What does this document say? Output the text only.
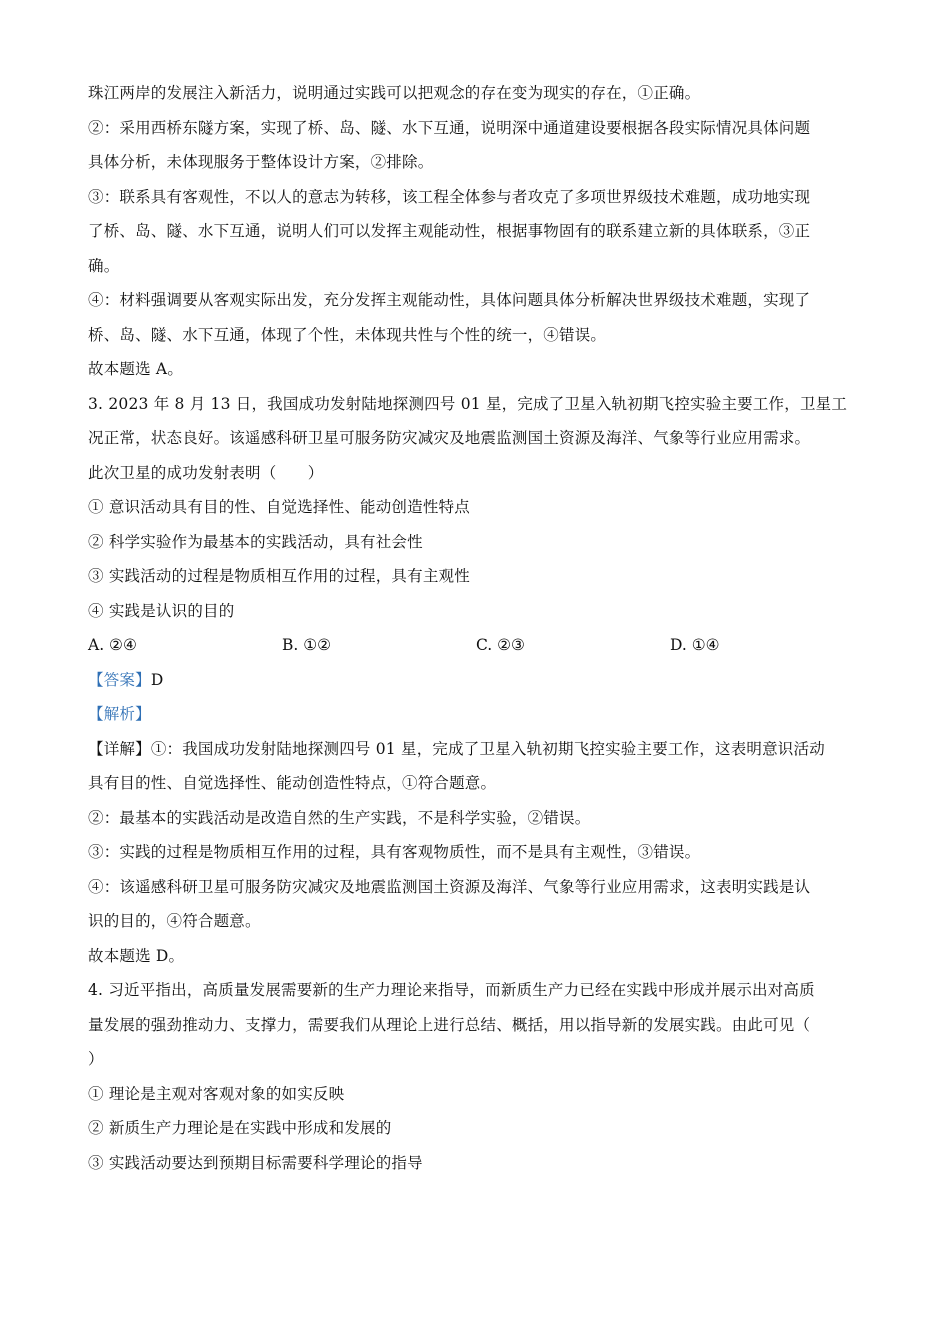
珠江两岸的发展注入新活力，说明通过实践可以把观念的存在变为现实的存在，①正确。
②：采用西桥东隧方案，实现了桥、岛、隧、水下互通，说明深中通道建设要根据各段实际情况具体问题
具体分析，未体现服务于整体设计方案，②排除。
③：联系具有客观性，不以人的意志为转移，该工程全体参与者攻克了多项世界级技术难题，成功地实现
了桥、岛、隧、水下互通，说明人们可以发挥主观能动性，根据事物固有的联系建立新的具体联系，③正
确。
④：材料强调要从客观实际出发，充分发挥主观能动性，具体问题具体分析解决世界级技术难题，实现了
桥、岛、隧、水下互通，体现了个性，未体现共性与个性的统一，④错误。
故本题选 A。
3. 2023 年 8 月 13 日，我国成功发射陆地探测四号 01 星，完成了卫星入轨初期飞控实验主要工作，卫星工
况正常，状态良好。该遥感科研卫星可服务防灾减灾及地震监测国土资源及海洋、气象等行业应用需求。
此次卫星的成功发射表明（　　）
① 意识活动具有目的性、自觉选择性、能动创造性特点
② 科学实验作为最基本的实践活动，具有社会性
③ 实践活动的过程是物质相互作用的过程，具有主观性
④ 实践是认识的目的
A. ②④	B. ①②	C. ②③	D. ①④
【答案】D
【解析】
【详解】①：我国成功发射陆地探测四号 01 星，完成了卫星入轨初期飞控实验主要工作，这表明意识活动
具有目的性、自觉选择性、能动创造性特点，①符合题意。
②：最基本的实践活动是改造自然的生产实践，不是科学实验，②错误。
③：实践的过程是物质相互作用的过程，具有客观物质性，而不是具有主观性，③错误。
④：该遥感科研卫星可服务防灾减灾及地震监测国土资源及海洋、气象等行业应用需求，这表明实践是认
识的目的，④符合题意。
故本题选 D。
4. 习近平指出，高质量发展需要新的生产力理论来指导，而新质生产力已经在实践中形成并展示出对高质
量发展的强劲推动力、支撑力，需要我们从理论上进行总结、概括，用以指导新的发展实践。由此可见（
）
① 理论是主观对客观对象的如实反映
② 新质生产力理论是在实践中形成和发展的
③ 实践活动要达到预期目标需要科学理论的指导
